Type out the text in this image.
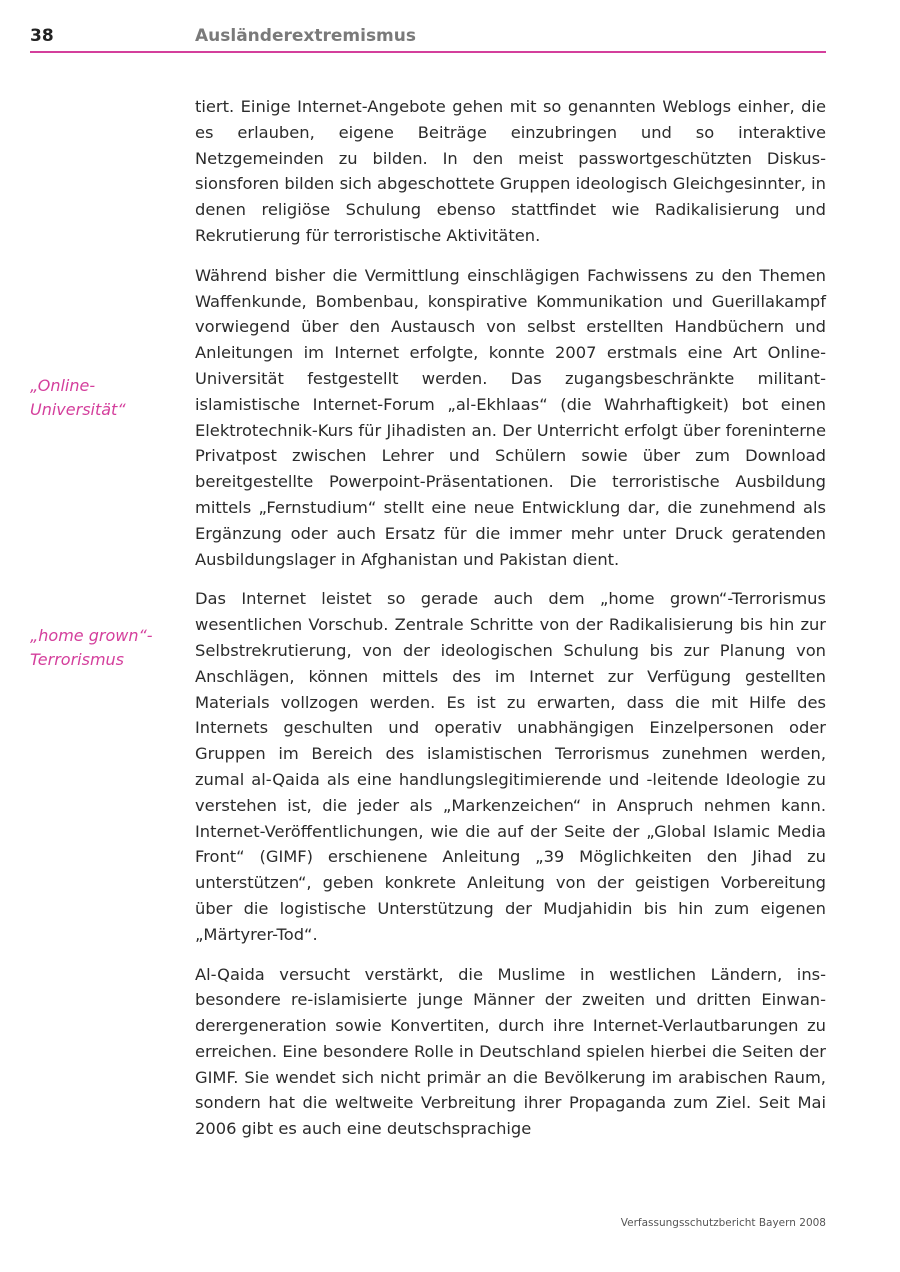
38	Ausländerextremismus
„Online-
Universität“
„home grown“-
Terrorismus

tiert. Einige Internet-Angebote gehen mit so genannten Weblogs einher, die es erlauben, eigene Beiträge einzubringen und so interaktive Netzgemeinden zu bilden. In den meist passwortgeschützten Diskussionsforen bilden sich abgeschottete Gruppen ideologisch Gleichgesinnter, in denen religiöse Schulung ebenso stattfindet wie Radikalisierung und Rekrutierung für terroristische Aktivitäten.

Während bisher die Vermittlung einschlägigen Fachwissens zu den Themen Waffenkunde, Bombenbau, konspirative Kommunikation und Guerillakampf vorwiegend über den Austausch von selbst erstellten Handbüchern und Anleitungen im Internet erfolgte, konnte 2007 erstmals eine Art Online-Universität festgestellt werden. Das zugangsbeschränkte militant-islamistische Internet-Forum „al-Ekhlaas“ (die Wahrhaftigkeit) bot einen Elektrotechnik-Kurs für Jihadisten an. Der Unterricht erfolgt über foreninterne Privatpost zwischen Lehrer und Schülern sowie über zum Download bereitgestellte Powerpoint-Präsentationen. Die terroristische Ausbildung mittels „Fernstudium“ stellt eine neue Entwicklung dar, die zunehmend als Ergänzung oder auch Ersatz für die immer mehr unter Druck geratenden Ausbildungslager in Afghanistan und Pakistan dient.

Das Internet leistet so gerade auch dem „home grown“-Terrorismus wesentlichen Vorschub. Zentrale Schritte von der Radikalisierung bis hin zur Selbstrekrutierung, von der ideologischen Schulung bis zur Planung von Anschlägen, können mittels des im Internet zur Verfügung gestellten Materials vollzogen werden. Es ist zu erwarten, dass die mit Hilfe des Internets geschulten und operativ unabhängigen Einzelpersonen oder Gruppen im Bereich des islamistischen Terrorismus zunehmen werden, zumal al-Qaida als eine handlungslegitimierende und -leitende Ideologie zu verstehen ist, die jeder als „Markenzeichen“ in Anspruch nehmen kann. Internet-Veröffentlichungen, wie die auf der Seite der „Global Islamic Media Front“ (GIMF) erschienene Anleitung „39 Möglichkeiten den Jihad zu unterstützen“, geben konkrete Anleitung von der geistigen Vorbereitung über die logistische Unterstützung der Mudjahidin bis hin zum eigenen „Märtyrer-Tod“.

Al-Qaida versucht verstärkt, die Muslime in westlichen Ländern, insbesondere re-islamisierte junge Männer der zweiten und dritten Einwanderergeneration sowie Konvertiten, durch ihre Internet-Verlautbarungen zu erreichen. Eine besondere Rolle in Deutschland spielen hierbei die Seiten der GIMF. Sie wendet sich nicht primär an die Bevölkerung im arabischen Raum, sondern hat die weltweite Verbreitung ihrer Propaganda zum Ziel. Seit Mai 2006 gibt es auch eine deutschsprachige

Verfassungsschutzbericht Bayern 2008
